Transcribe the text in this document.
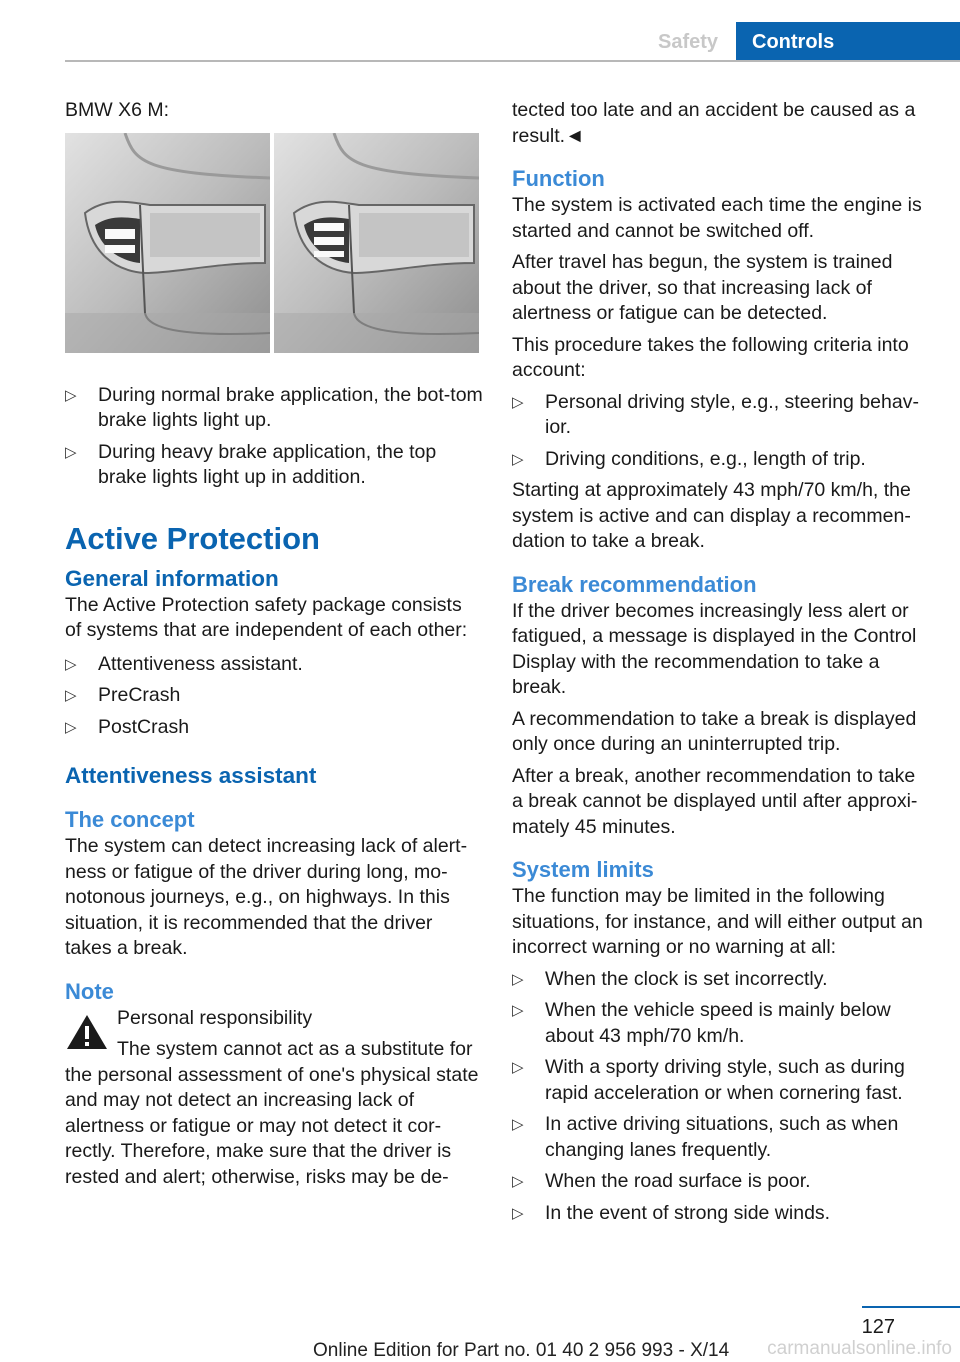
Safety	Controls

BMW X6 M:

▷ During normal brake application, the bot‐tom brake lights light up.
▷ During heavy brake application, the top brake lights light up in addition.
Active Protection
General information

The Active Protection safety package consists of systems that are independent of each other:

▷ Attentiveness assistant.
▷ PreCrash
▷ PostCrash
Attentiveness assistant
The concept

The system can detect increasing lack of alert‐ness or fatigue of the driver during long, mo‐notonous journeys, e.g., on highways. In this situation, it is recommended that the driver takes a break.

Note

Personal responsibility

The system cannot act as a substitute for the personal assessment of one's physical state and may not detect an increasing lack of alertness or fatigue or may not detect it cor‐rectly. Therefore, make sure that the driver is rested and alert; otherwise, risks may be de‐

tected too late and an accident be caused as a result.◄

Function

The system is activated each time the engine is started and cannot be switched off.

After travel has begun, the system is trained about the driver, so that increasing lack of alertness or fatigue can be detected.

This procedure takes the following criteria into account:

▷ Personal driving style, e.g., steering behav‐ior.
▷ Driving conditions, e.g., length of trip.

Starting at approximately 43 mph/70 km/h, the system is active and can display a recommen‐dation to take a break.

Break recommendation

If the driver becomes increasingly less alert or fatigued, a message is displayed in the Control Display with the recommendation to take a break.

A recommendation to take a break is displayed only once during an uninterrupted trip.

After a break, another recommendation to take a break cannot be displayed until after approxi‐mately 45 minutes.

System limits

The function may be limited in the following situations, for instance, and will either output an incorrect warning or no warning at all:

▷ When the clock is set incorrectly.
▷ When the vehicle speed is mainly below about 43 mph/70 km/h.
▷ With a sporty driving style, such as during rapid acceleration or when cornering fast.
▷ In active driving situations, such as when changing lanes frequently.
▷ When the road surface is poor.
▷ In the event of strong side winds.
127
Online Edition for Part no. 01 40 2 956 993 - X/14 carmanualsonline.info
